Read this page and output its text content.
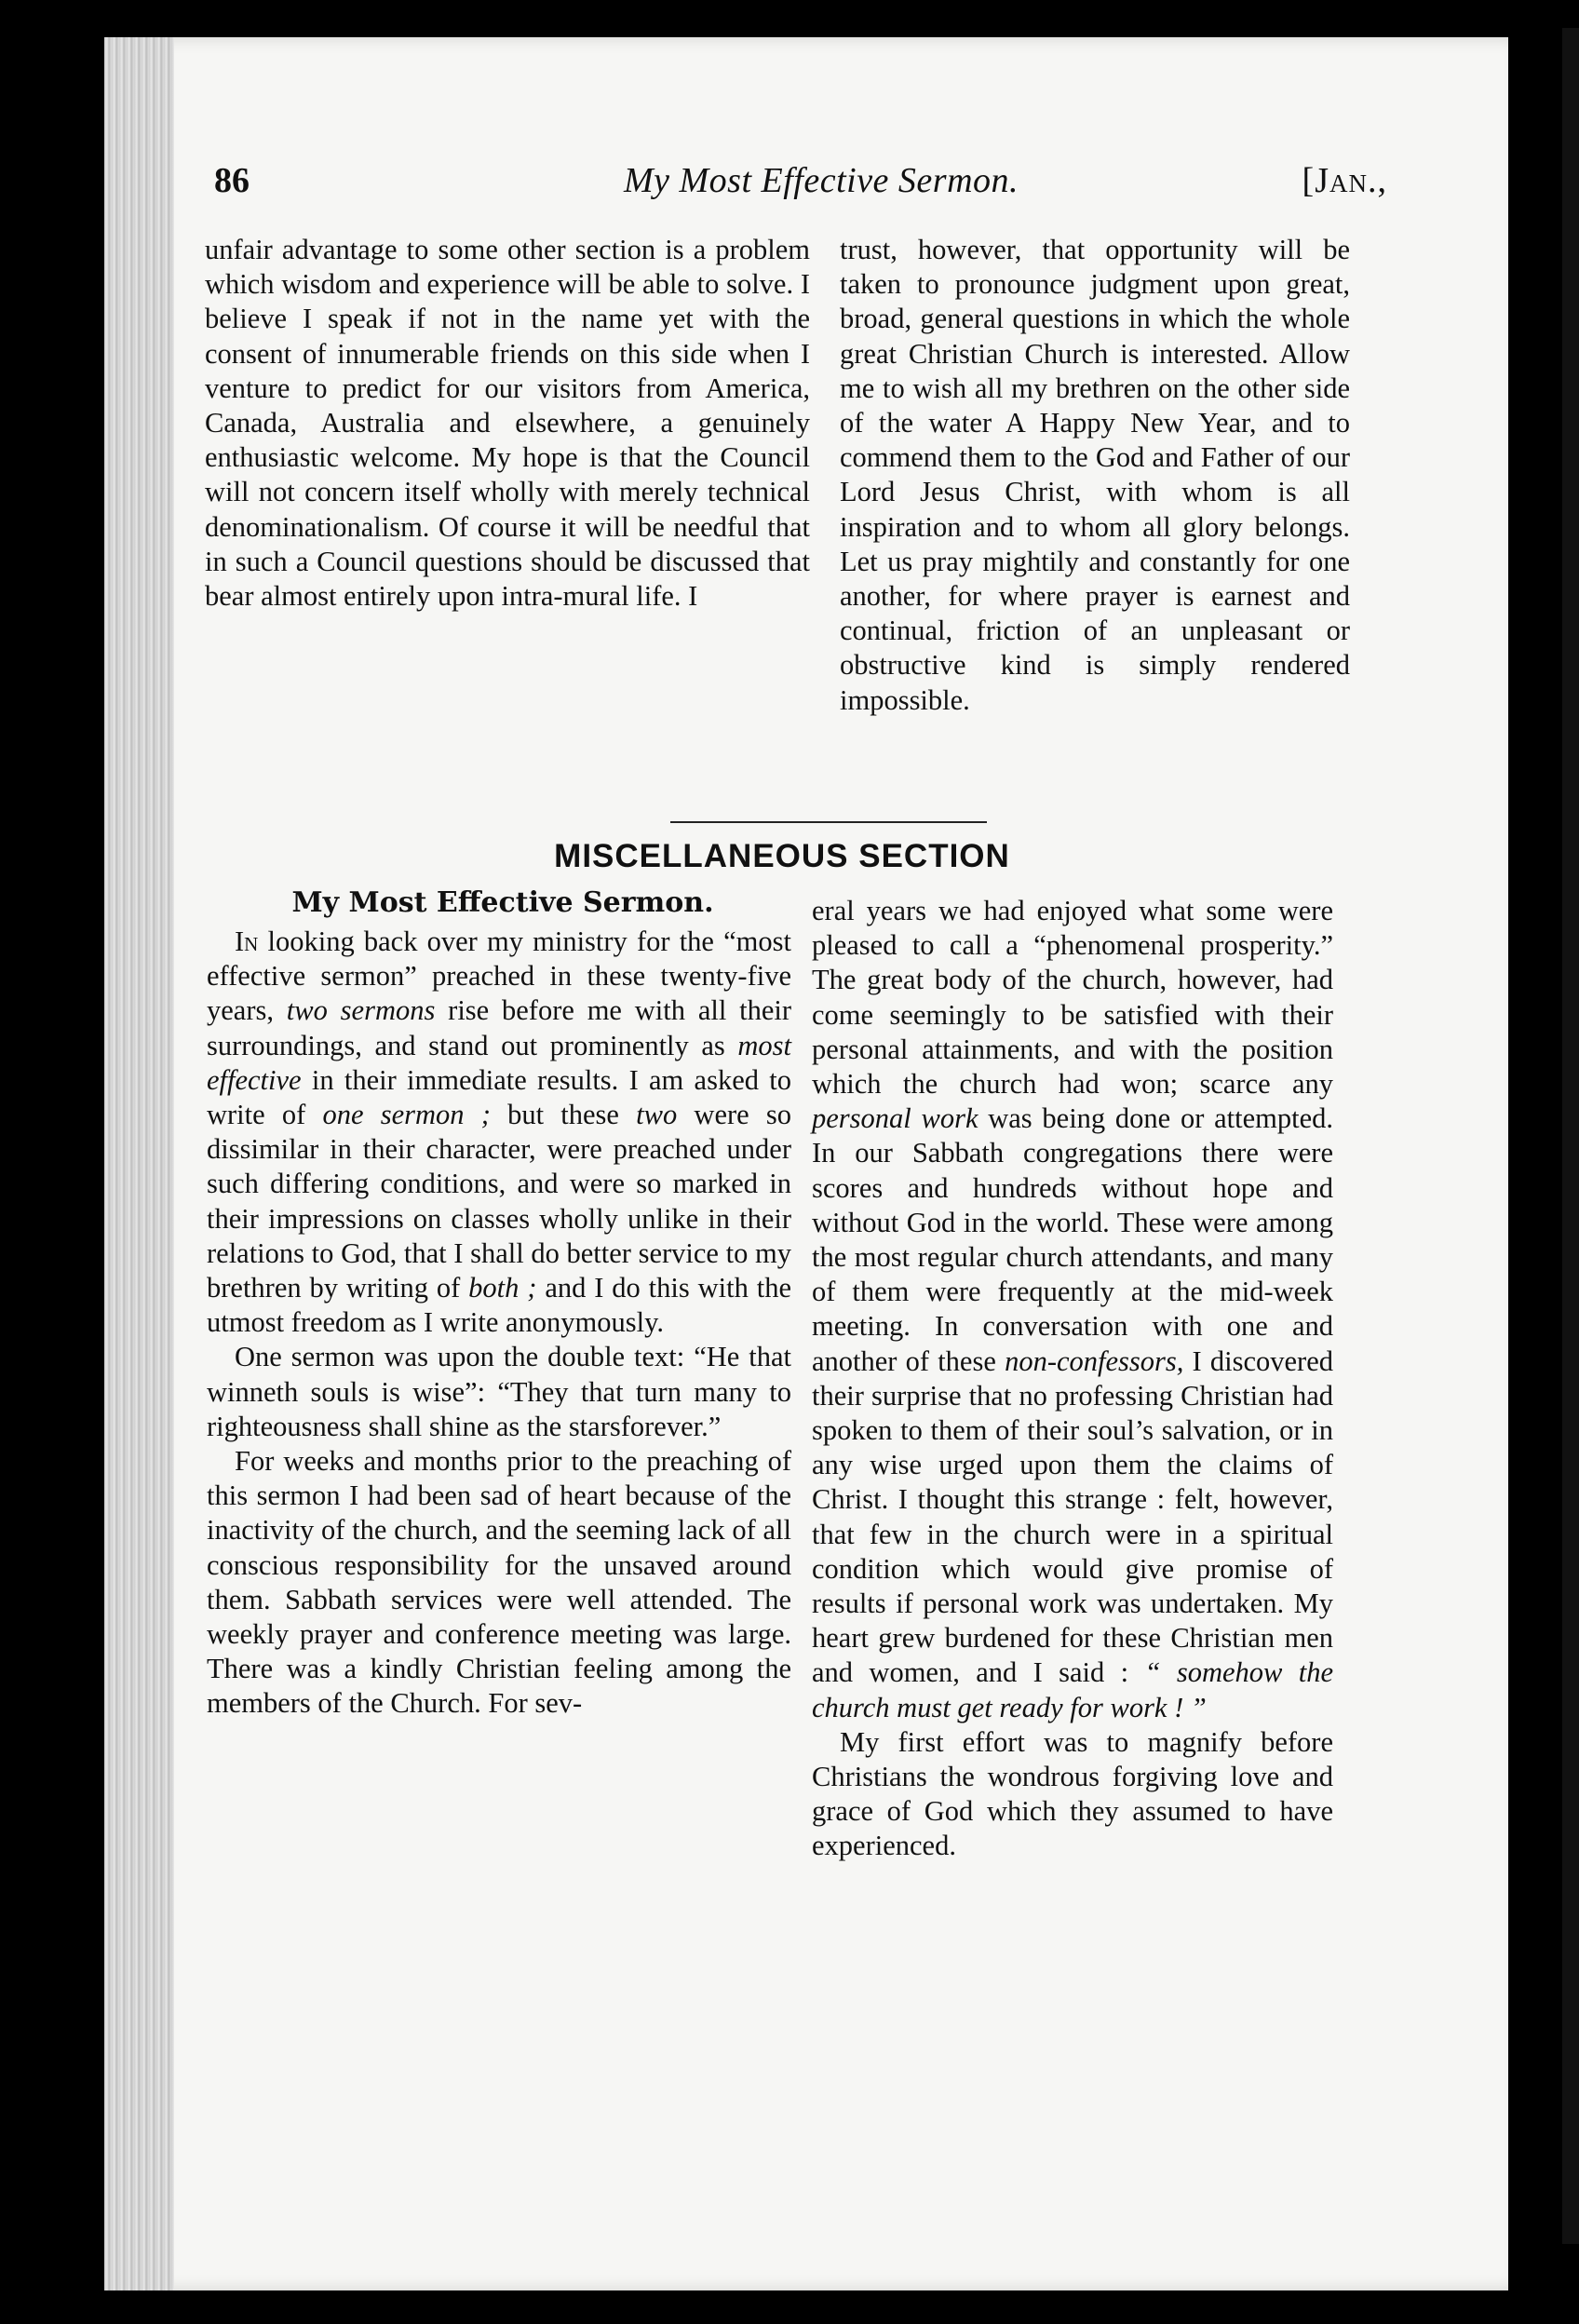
86	My Most Effective Sermon.	[Jan.,

unfair advantage to some other section is a problem which wisdom and experience will be able to solve. I believe I speak if not in the name yet with the consent of innumerable friends on this side when I venture to predict for our visitors from America, Canada, Australia and elsewhere, a genuinely enthusiastic welcome. My hope is that the Council will not concern itself wholly with merely technical denominationalism. Of course it will be needful that in such a Council questions should be discussed that bear almost entirely upon intra-mural life. I

trust, however, that opportunity will be taken to pronounce judgment upon great, broad, general questions in which the whole great Christian Church is interested. Allow me to wish all my brethren on the other side of the water A Happy New Year, and to commend them to the God and Father of our Lord Jesus Christ, with whom is all inspiration and to whom all glory belongs. Let us pray mightily and constantly for one another, for where prayer is earnest and continual, friction of an unpleasant or obstructive kind is simply rendered impossible.

MISCELLANEOUS SECTION
My Most Effective Sermon.

In looking back over my ministry for the “most effective sermon” preached in these twenty-five years, two sermons rise before me with all their surroundings, and stand out prominently as most effective in their immediate results. I am asked to write of one sermon ; but these two were so dissimilar in their character, were preached under such differing conditions, and were so marked in their impressions on classes wholly unlike in their relations to God, that I shall do better service to my brethren by writing of both ; and I do this with the utmost freedom as I write anonymously.

One sermon was upon the double text: “He that winneth souls is wise”: “They that turn many to righteousness shall shine as the starsforever.”

For weeks and months prior to the preaching of this sermon I had been sad of heart because of the inactivity of the church, and the seeming lack of all conscious responsibility for the unsaved around them. Sabbath services were well attended. The weekly prayer and conference meeting was large. There was a kindly Christian feeling among the members of the Church. For sev-

eral years we had enjoyed what some were pleased to call a “phenomenal prosperity.” The great body of the church, however, had come seemingly to be satisfied with their personal attainments, and with the position which the church had won; scarce any personal work was being done or attempted. In our Sabbath congregations there were scores and hundreds without hope and without God in the world. These were among the most regular church attendants, and many of them were frequently at the mid-week meeting. In conversation with one and another of these non-confessors, I discovered their surprise that no professing Christian had spoken to them of their soul’s salvation, or in any wise urged upon them the claims of Christ. I thought this strange : felt, however, that few in the church were in a spiritual condition which would give promise of results if personal work was undertaken. My heart grew burdened for these Christian men and women, and I said : “ somehow the church must get ready for work ! ”

My first effort was to magnify before Christians the wondrous forgiving love and grace of God which they assumed to have experienced.
